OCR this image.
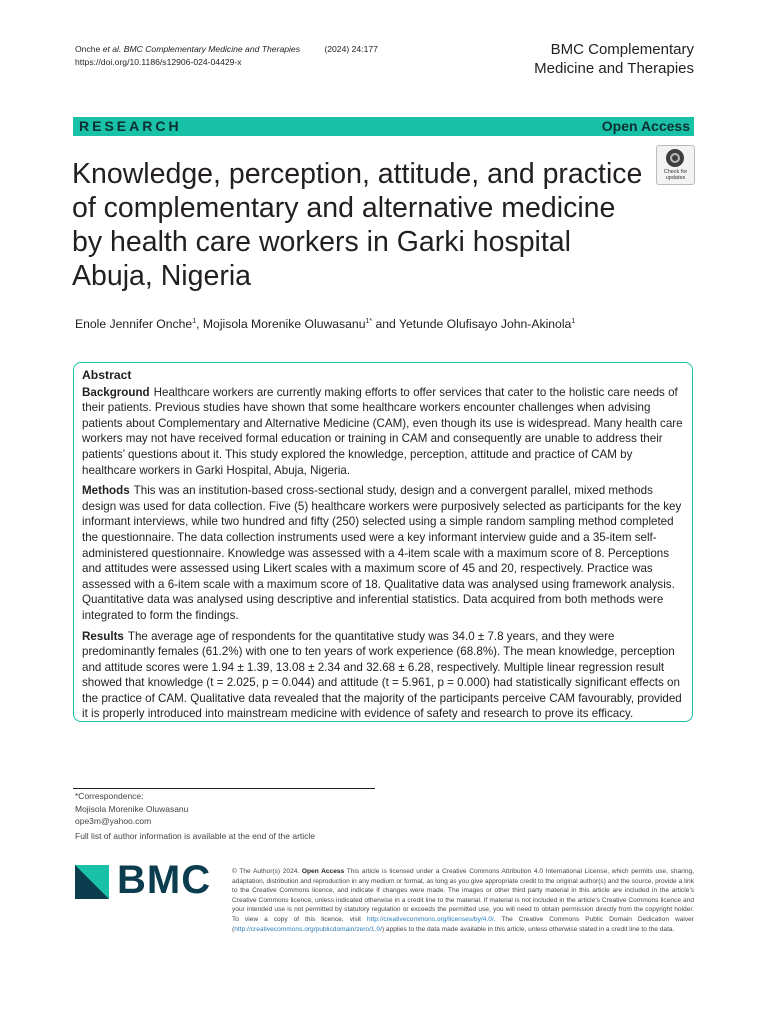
Onche et al. BMC Complementary Medicine and Therapies	(2024) 24:177
https://doi.org/10.1186/s12906-024-04429-x
BMC Complementary
Medicine and Therapies
RESEARCH	Open Access
Knowledge, perception, attitude, and practice of complementary and alternative medicine by health care workers in Garki hospital Abuja, Nigeria
Check for
updates
Enole Jennifer Onche$^1$, Mojisola Morenike Oluwasanu$^{1*}$ and Yetunde Olufisayo John‑Akinola$^1$
Abstract

Background Healthcare workers are currently making efforts to offer services that cater to the holistic care needs of their patients. Previous studies have shown that some healthcare workers encounter challenges when advising patients about Complementary and Alternative Medicine (CAM), even though its use is widespread. Many health care workers may not have received formal education or training in CAM and consequently are unable to address their patients’ questions about it. This study explored the knowledge, perception, attitude and practice of CAM by healthcare workers in Garki Hospital, Abuja, Nigeria.

Methods This was an institution-based cross-sectional study, design and a convergent parallel, mixed methods design was used for data collection. Five (5) healthcare workers were purposively selected as participants for the key informant interviews, while two hundred and fifty (250) selected using a simple random sampling method completed the questionnaire. The data collection instruments used were a key informant interview guide and a 35-item self-administered questionnaire. Knowledge was assessed with a 4-item scale with a maximum score of 8. Perceptions and attitudes were assessed using Likert scales with a maximum score of 45 and 20, respectively. Practice was assessed with a 6-item scale with a maximum score of 18. Qualitative data was analysed using framework analysis. Quantitative data was analysed using descriptive and inferential statistics. Data acquired from both methods were integrated to form the findings.

Results The average age of respondents for the quantitative study was 34.0 ± 7.8 years, and they were predominantly females (61.2%) with one to ten years of work experience (68.8%). The mean knowledge, perception and attitude scores were 1.94 ± 1.39, 13.08 ± 2.34 and 32.68 ± 6.28, respectively. Multiple linear regression result showed that knowledge (t = 2.025, p = 0.044) and attitude (t = 5.961, p = 0.000) had statistically significant effects on the practice of CAM. Qualitative data revealed that the majority of the participants perceive CAM favourably, provided it is properly introduced into mainstream medicine with evidence of safety and research to prove its efficacy.

*Correspondence:
Mojisola Morenike Oluwasanu
ope3m@yahoo.com
Full list of author information is available at the end of the article
BMC	© The Author(s) 2024. Open Access This article is licensed under a Creative Commons Attribution 4.0 International License, which permits use, sharing, adaptation, distribution and reproduction in any medium or format, as long as you give appropriate credit to the original author(s) and the source, provide a link to the Creative Commons licence, and indicate if changes were made. The images or other third party material in this article are included in the article’s Creative Commons licence, unless indicated otherwise in a credit line to the material. If material is not included in the article’s Creative Commons licence and your intended use is not permitted by statutory regulation or exceeds the permitted use, you will need to obtain permission directly from the copyright holder. To view a copy of this licence, visit http://creativecommons.org/licenses/by/4.0/. The Creative Commons Public Domain Dedication waiver (http://creativecommons.org/publicdomain/zero/1.0/) applies to the data made available in this article, unless otherwise stated in a credit line to the data.
